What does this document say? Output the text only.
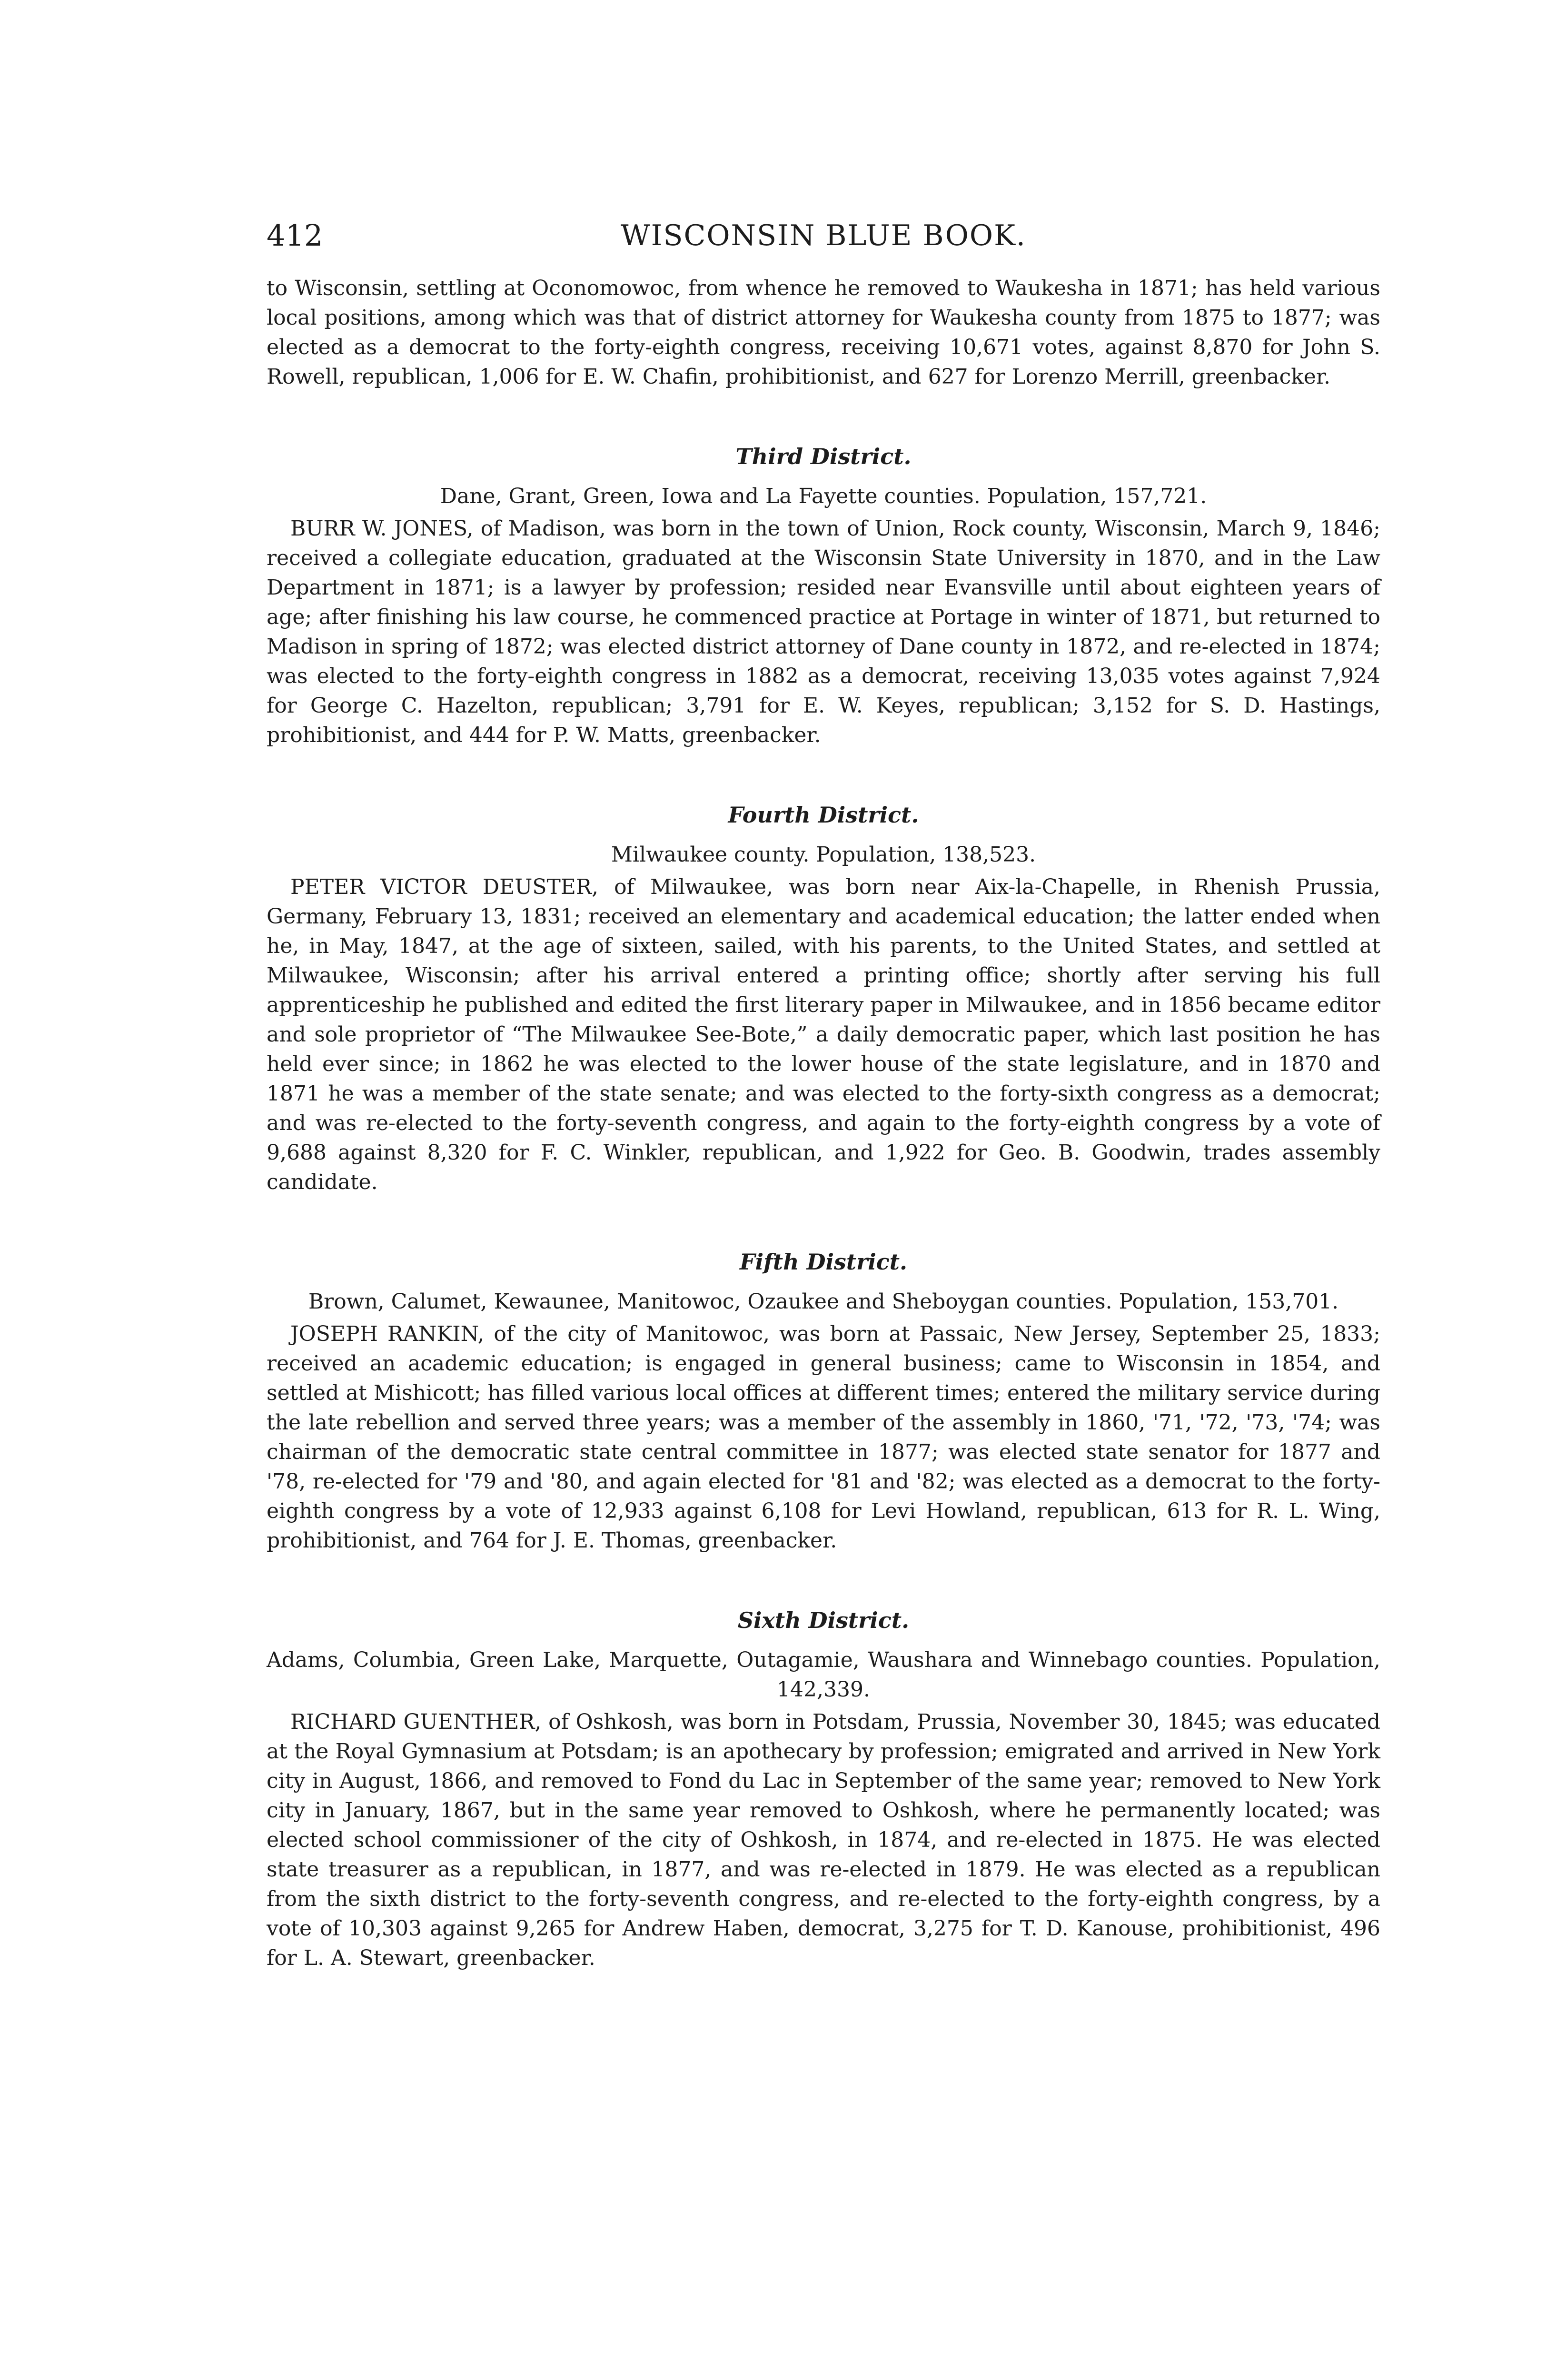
412	WISCONSIN BLUE BOOK.

to Wisconsin, settling at Oconomowoc, from whence he removed to Waukesha in 1871; has held various local positions, among which was that of district attorney for Waukesha county from 1875 to 1877; was elected as a democrat to the forty-eighth congress, receiving 10,671 votes, against 8,870 for John S. Rowell, republican, 1,006 for E. W. Chafin, prohibitionist, and 627 for Lorenzo Merrill, greenbacker.

Third District.

Dane, Grant, Green, Iowa and La Fayette counties. Population, 157,721.

BURR W. JONES, of Madison, was born in the town of Union, Rock county, Wisconsin, March 9, 1846; received a collegiate education, graduated at the Wisconsin State University in 1870, and in the Law Department in 1871; is a lawyer by profession; resided near Evansville until about eighteen years of age; after finishing his law course, he commenced practice at Portage in winter of 1871, but returned to Madison in spring of 1872; was elected district attorney of Dane county in 1872, and re-elected in 1874; was elected to the forty-eighth congress in 1882 as a democrat, receiving 13,035 votes against 7,924 for George C. Hazelton, republican; 3,791 for E. W. Keyes, republican; 3,152 for S. D. Hastings, prohibitionist, and 444 for P. W. Matts, greenbacker.

Fourth District.

Milwaukee county. Population, 138,523.

PETER VICTOR DEUSTER, of Milwaukee, was born near Aix-la-Chapelle, in Rhenish Prussia, Germany, February 13, 1831; received an elementary and academical education; the latter ended when he, in May, 1847, at the age of sixteen, sailed, with his parents, to the United States, and settled at Milwaukee, Wisconsin; after his arrival entered a printing office; shortly after serving his full apprenticeship he published and edited the first literary paper in Milwaukee, and in 1856 became editor and sole proprietor of “The Milwaukee See-Bote,” a daily democratic paper, which last position he has held ever since; in 1862 he was elected to the lower house of the state legislature, and in 1870 and 1871 he was a member of the state senate; and was elected to the forty-sixth congress as a democrat; and was re-elected to the forty-seventh congress, and again to the forty-eighth congress by a vote of 9,688 against 8,320 for F. C. Winkler, republican, and 1,922 for Geo. B. Goodwin, trades assembly candidate.

Fifth District.

Brown, Calumet, Kewaunee, Manitowoc, Ozaukee and Sheboygan counties. Population, 153,701.

JOSEPH RANKIN, of the city of Manitowoc, was born at Passaic, New Jersey, September 25, 1833; received an academic education; is engaged in general business; came to Wisconsin in 1854, and settled at Mishicott; has filled various local offices at different times; entered the military service during the late rebellion and served three years; was a member of the assembly in 1860, '71, '72, '73, '74; was chairman of the democratic state central committee in 1877; was elected state senator for 1877 and '78, re-elected for '79 and '80, and again elected for '81 and '82; was elected as a democrat to the forty-eighth congress by a vote of 12,933 against 6,108 for Levi Howland, republican, 613 for R. L. Wing, prohibitionist, and 764 for J. E. Thomas, greenbacker.

Sixth District.

Adams, Columbia, Green Lake, Marquette, Outagamie, Waushara and Winnebago counties. Population, 142,339.

RICHARD GUENTHER, of Oshkosh, was born in Potsdam, Prussia, November 30, 1845; was educated at the Royal Gymnasium at Potsdam; is an apothecary by profession; emigrated and arrived in New York city in August, 1866, and removed to Fond du Lac in September of the same year; removed to New York city in January, 1867, but in the same year removed to Oshkosh, where he permanently located; was elected school commissioner of the city of Oshkosh, in 1874, and re-elected in 1875. He was elected state treasurer as a republican, in 1877, and was re-elected in 1879. He was elected as a republican from the sixth district to the forty-seventh congress, and re-elected to the forty-eighth congress, by a vote of 10,303 against 9,265 for Andrew Haben, democrat, 3,275 for T. D. Kanouse, prohibitionist, 496 for L. A. Stewart, greenbacker.
